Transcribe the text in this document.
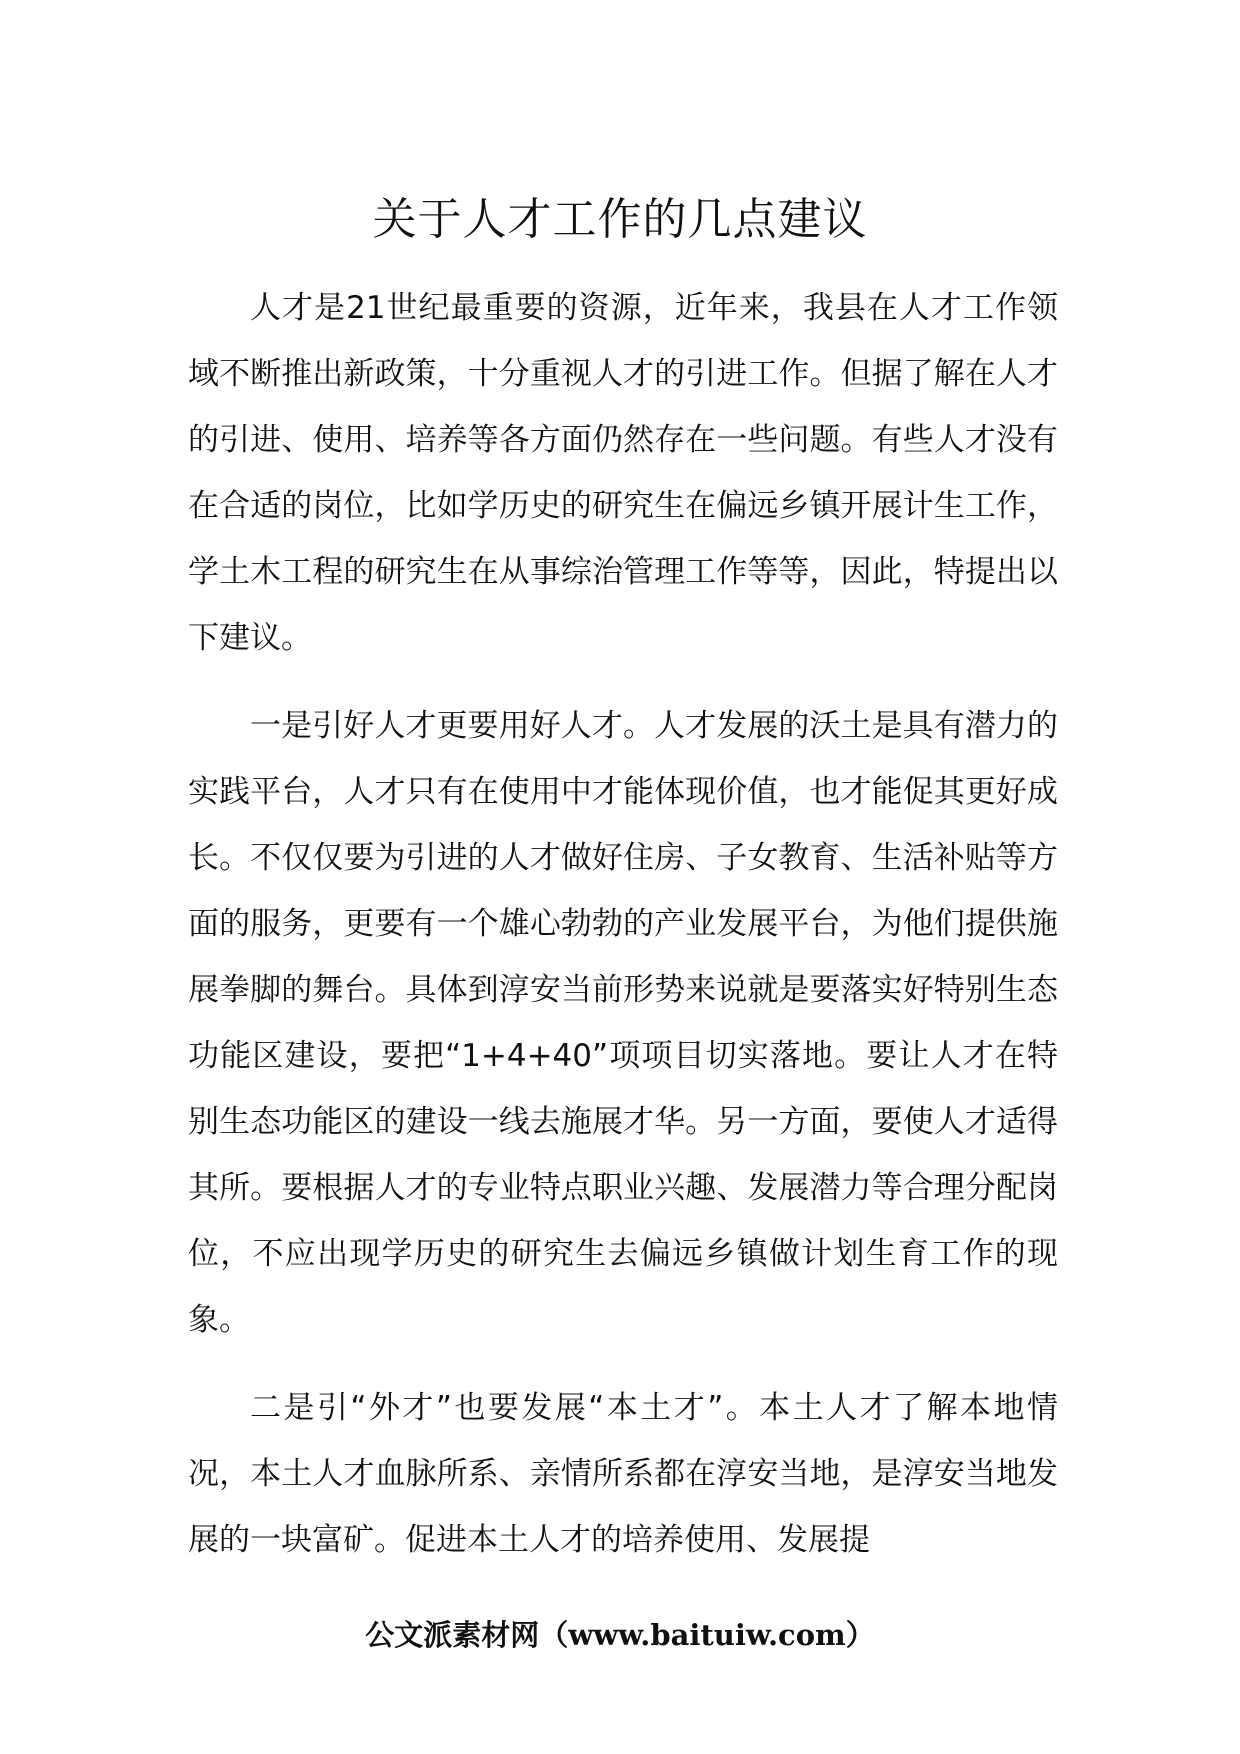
关于人才工作的几点建议

人才是21世纪最重要的资源，近年来，我县在人才工作领域不断推出新政策，十分重视人才的引进工作。但据了解在人才的引进、使用、培养等各方面仍然存在一些问题。有些人才没有在合适的岗位，比如学历史的研究生在偏远乡镇开展计生工作，学土木工程的研究生在从事综治管理工作等等，因此，特提出以下建议。

一是引好人才更要用好人才。人才发展的沃土是具有潜力的实践平台，人才只有在使用中才能体现价值，也才能促其更好成长。不仅仅要为引进的人才做好住房、子女教育、生活补贴等方面的服务，更要有一个雄心勃勃的产业发展平台，为他们提供施展拳脚的舞台。具体到淳安当前形势来说就是要落实好特别生态功能区建设，要把“1+4+40”项项目切实落地。要让人才在特别生态功能区的建设一线去施展才华。另一方面，要使人才适得其所。要根据人才的专业特点职业兴趣、发展潜力等合理分配岗位，不应出现学历史的研究生去偏远乡镇做计划生育工作的现象。

二是引“外才”也要发展“本土才”。本土人才了解本地情况，本土人才血脉所系、亲情所系都在淳安当地，是淳安当地发展的一块富矿。促进本土人才的培养使用、发展提

公文派素材网（www.baituiw.com）
